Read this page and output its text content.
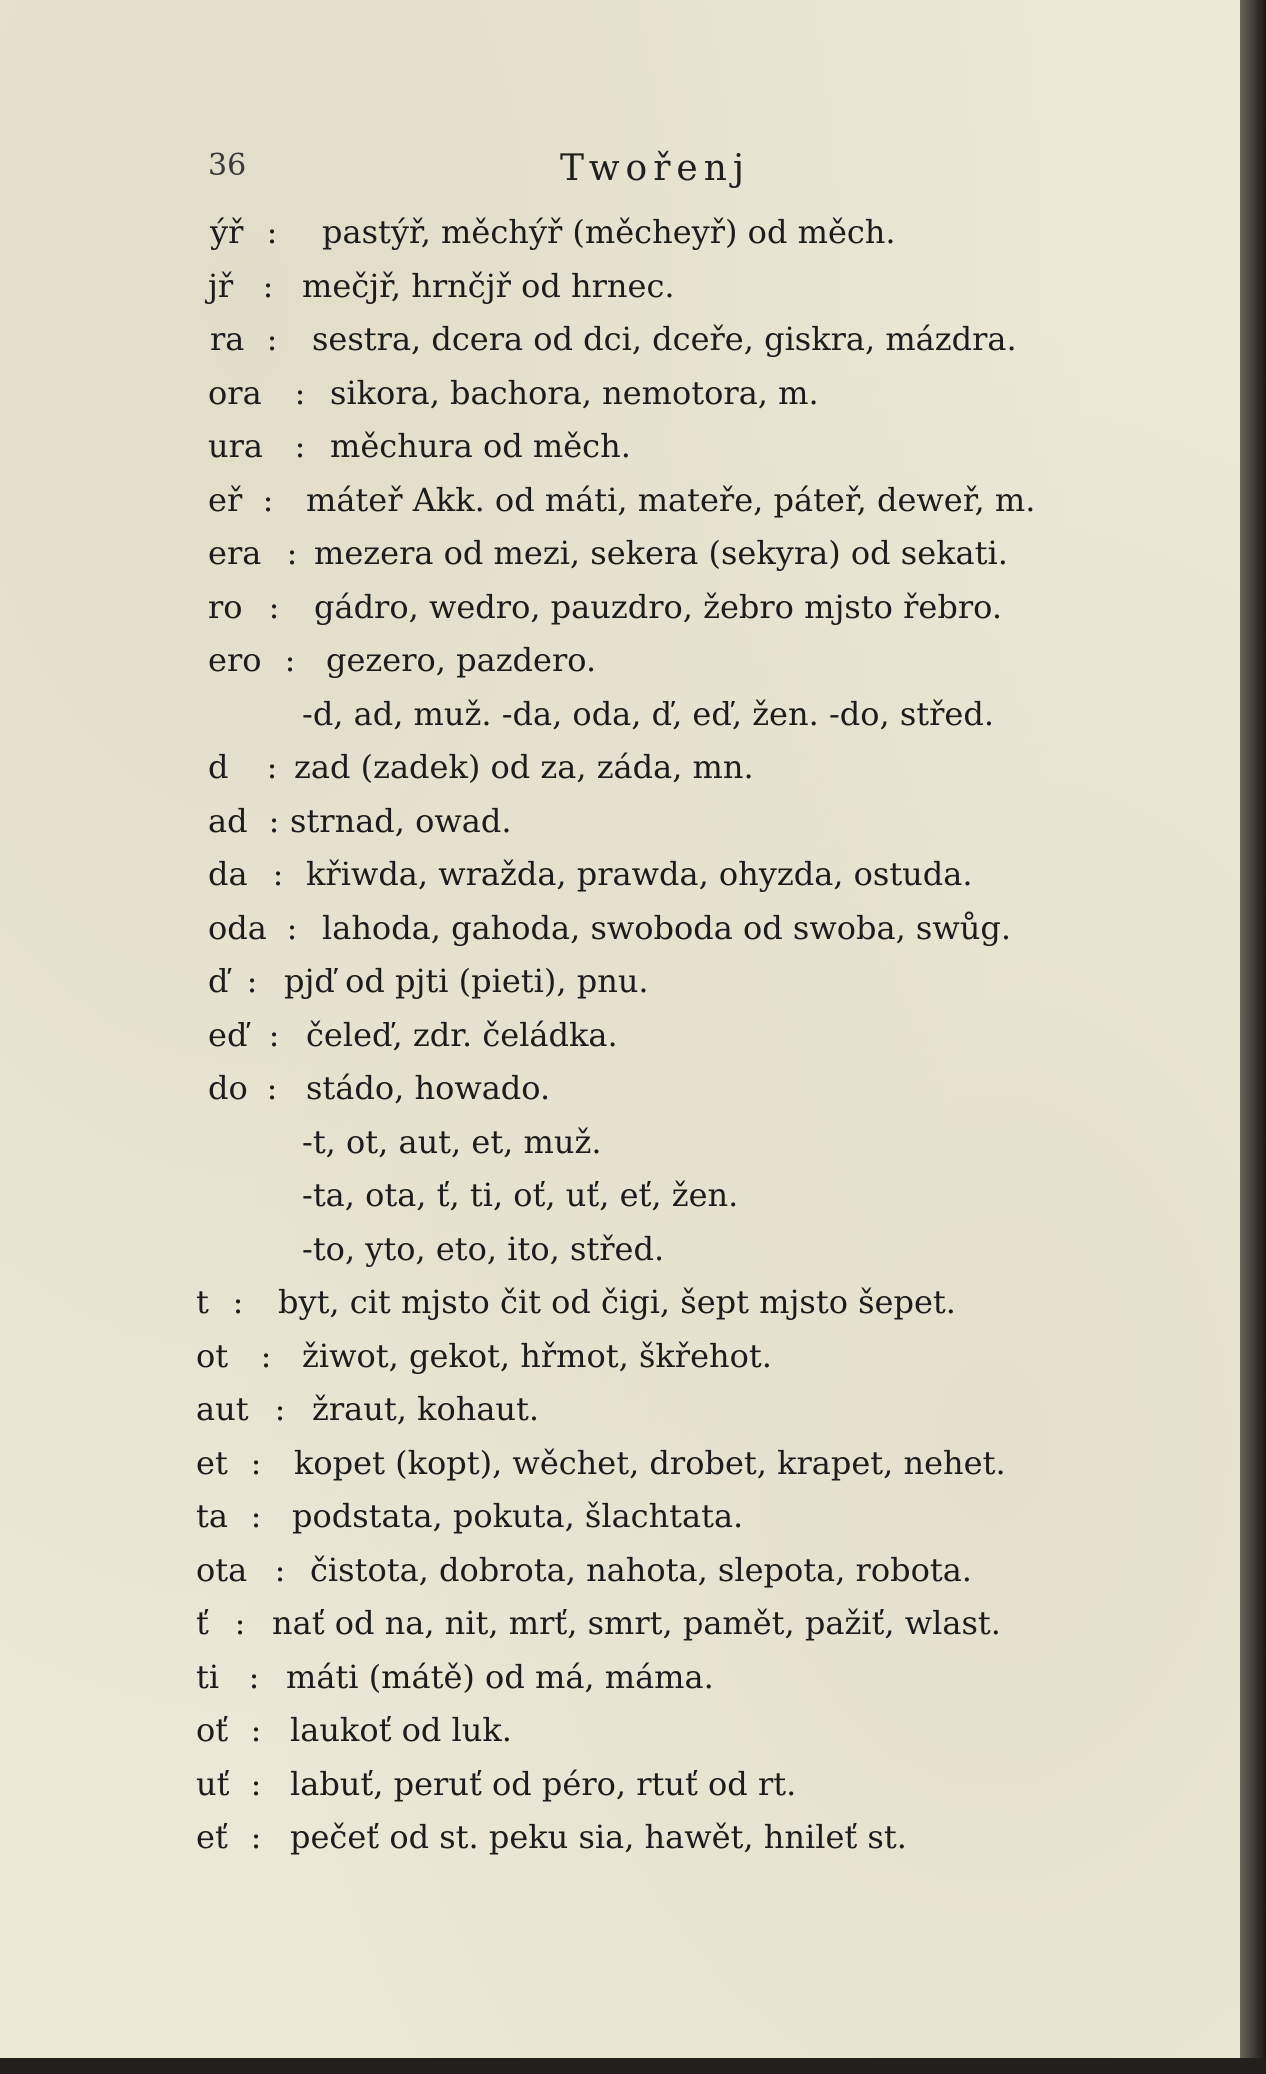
36	Twořenj
ýř : pastýř, měchýř (měcheyř) od měch.
jř : mečjř, hrnčjř od hrnec.
ra : sestra, dcera od dci, dceře, giskra, mázdra.
ora	: sikora, bachora, nemotora, m.
ura : měchura od měch.
eř : máteř Akk. od máti, mateře, páteř, deweř, m.
era : mezera od mezi, sekera (sekyra) od sekati.
ro : gádro, wedro, pauzdro, žebro mjsto řebro.
ero : gezero, pazdero.
-d, ad, muž. -da, oda, ď, eď, žen. -do, střed.
d	: zad (zadek) od za, záda, mn.
ad : strnad, owad.
da : křiwda, wražda, prawda, ohyzda, ostuda.
oda : lahoda, gahoda, swoboda od swoba, swůg.
ď : pjď od pjti (pieti), pnu.
eď : čeleď, zdr. čeládka.
do : stádo, howado.
-t, ot, aut, et, muž.
-ta, ota, ť, ti, oť, uť, eť, žen.
-to, yto, eto, ito, střed.
t : byt, cit mjsto čit od čigi, šept mjsto šepet.
ot	: žiwot, gekot, hřmot, škřehot.
aut : žraut, kohaut.
et : kopet (kopt), wěchet, drobet, krapet, nehet.
ta : podstata, pokuta, šlachtata.
ota : čistota, dobrota, nahota, slepota, robota.
ť : nať od na, nit, mrť, smrt, pamět, pažiť, wlast.
ti : máti (mátě) od má, máma.
oť : laukoť od luk.
uť : labuť, peruť od péro, rtuť od rt.
eť : pečeť od st. peku sia, hawět, hnileť st.
